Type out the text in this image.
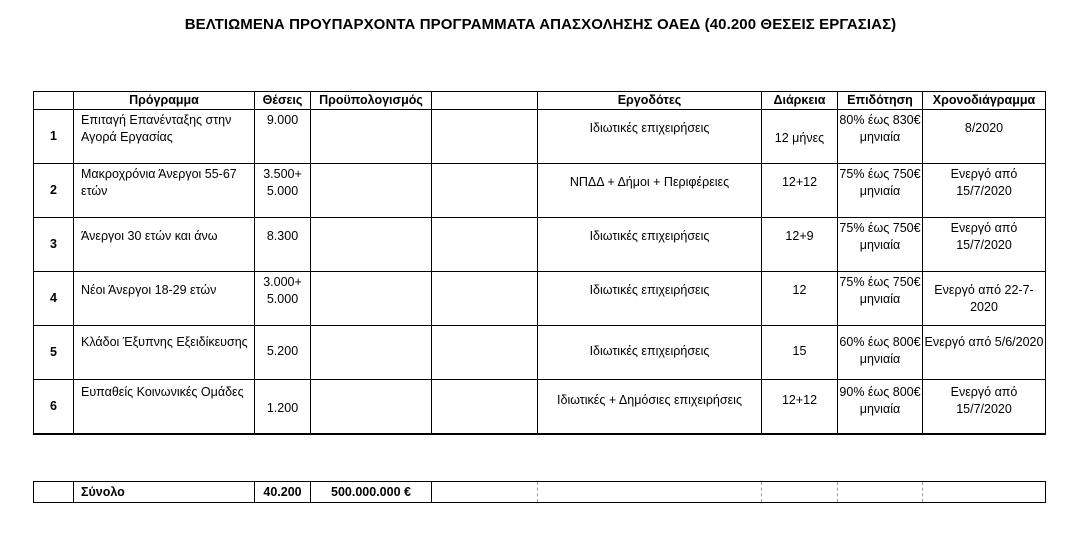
ΒΕΛΤΙΩΜΕΝΑ ΠΡΟΥΠΑΡΧΟΝΤΑ ΠΡΟΓΡΑΜΜΑΤΑ ΑΠΑΣΧΟΛΗΣΗΣ ΟΑΕΔ (40.200 ΘΕΣΕΙΣ ΕΡΓΑΣΙΑΣ)
	Πρόγραμμα	Θέσεις	Προϋπολογισμός		Εργοδότες	Διάρκεια	Επιδότηση	Χρονοδιάγραμμα
1	Επιταγή Επανένταξης στην Αγορά Εργασίας	9.000			Ιδιωτικές επιχειρήσεις	12 μήνες	80% έως 830€ μηνιαία	8/2020
2	Μακροχρόνια Άνεργοι 55-67 ετών	3.500+ 5.000			ΝΠΔΔ + Δήμοι + Περιφέρειες	12+12	75% έως 750€ μηνιαία	Ενεργό από 15/7/2020
3	Άνεργοι 30 ετών και άνω	8.300			Ιδιωτικές επιχειρήσεις	12+9	75% έως 750€ μηνιαία	Ενεργό από 15/7/2020
4	Νέοι Άνεργοι 18-29 ετών	3.000+ 5.000			Ιδιωτικές επιχειρήσεις	12	75% έως 750€ μηνιαία	Ενεργό από 22-7-2020
5	Κλάδοι Έξυπνης Εξειδίκευσης	5.200			Ιδιωτικές επιχειρήσεις	15	60% έως 800€ μηνιαία	Ενεργό από 5/6/2020
6	Ευπαθείς Κοινωνικές Ομάδες	1.200			Ιδιωτικές + Δημόσιες επιχειρήσεις	12+12	90% έως 800€ μηνιαία	Ενεργό από 15/7/2020
	Σύνολο	40.200	500.000.000 €					
